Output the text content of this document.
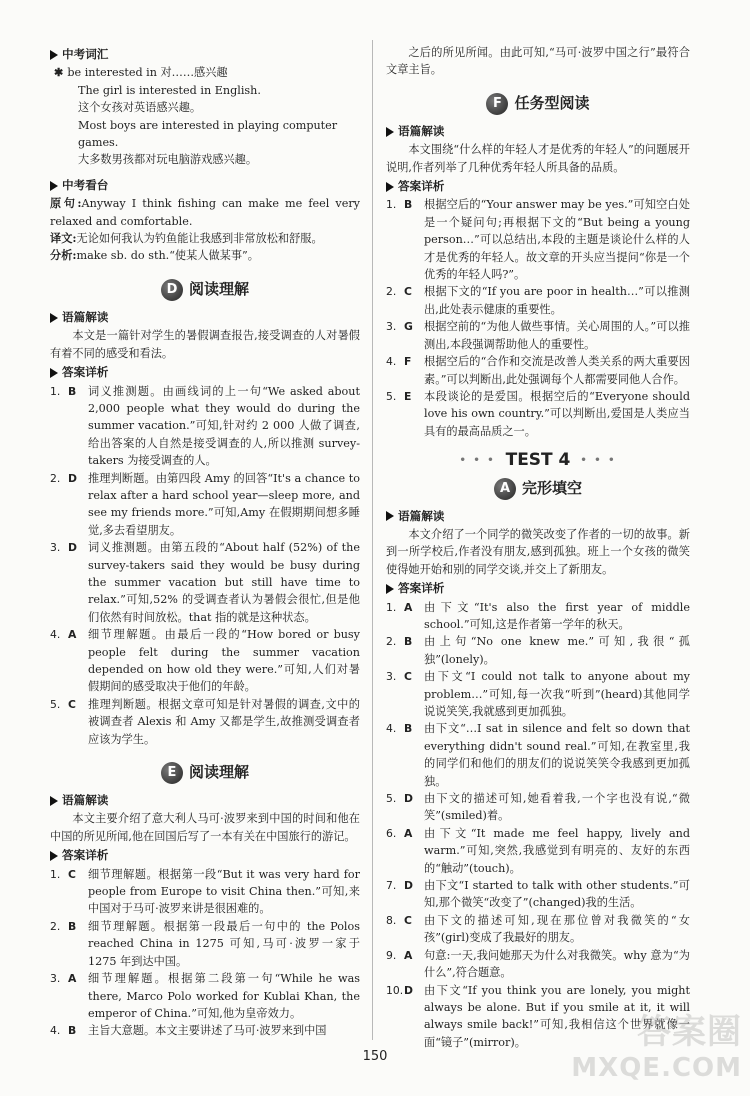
中考词汇
✱ be interested in 对……感兴趣
The girl is interested in English.
这个女孩对英语感兴趣。
Most boys are interested in playing computer games.
大多数男孩都对玩电脑游戏感兴趣。
中考看台
原句:Anyway I think fishing can make me feel very relaxed and comfortable.
译文:无论如何我认为钓鱼能让我感到非常放松和舒服。
分析:make sb. do sth.“使某人做某事”。
D 阅读理解
语篇解读
本文是一篇针对学生的暑假调查报告,接受调查的人对暑假有着不同的感受和看法。
答案详析
1. B	词义推测题。由画线词的上一句“We asked about 2,000 people what they would do during the summer vacation.”可知,针对约 2 000 人做了调查,给出答案的人自然是接受调查的人,所以推测 survey-takers 为接受调查的人。
2. D 推理判断题。由第四段 Amy 的回答“It's a chance to relax after a hard school year—sleep more, and see my friends more.”可知,Amy 在假期期间想多睡觉,多去看望朋友。
3. D 词义推测题。由第五段的“About half (52%) of the survey-takers said they would be busy during the summer vacation but still have time to relax.”可知,52% 的受调查者认为暑假会很忙,但是他们依然有时间放松。that 指的就是这种状态。
4. A	细节理解题。由最后一段的“How bored or busy people felt during the summer vacation depended on how old they were.”可知,人们对暑假期间的感受取决于他们的年龄。
5. C	推理判断题。根据文章可知是针对暑假的调查,文中的被调查者 Alexis 和 Amy 又都是学生,故推测受调查者应该为学生。
E 阅读理解
语篇解读
本文主要介绍了意大利人马可·波罗来到中国的时间和他在中国的所见所闻,他在回国后写了一本有关在中国旅行的游记。
答案详析
1. C	细节理解题。根据第一段“But it was very hard for people from Europe to visit China then.”可知,来中国对于马可·波罗来讲是很困难的。
2. B	细节理解题。根据第一段最后一句中的 the Polos reached China in 1275 可知,马可·波罗一家于 1275 年到达中国。
3. A	细节理解题。根据第二段第一句“While he was there, Marco Polo worked for Kublai Khan, the emperor of China.”可知,他为皇帝效力。
4. B	主旨大意题。本文主要讲述了马可·波罗来到中国
之后的所见所闻。由此可知,“马可·波罗中国之行”最符合文章主旨。
F 任务型阅读
语篇解读
本文围绕“什么样的年轻人才是优秀的年轻人”的问题展开说明,作者列举了几种优秀年轻人所具备的品质。
答案详析
1. B	根据空后的“Your answer may be yes.”可知空白处是一个疑问句;再根据下文的“But being a young person…”可以总结出,本段的主题是谈论什么样的人才是优秀的年轻人。故文章的开头应当提问“你是一个优秀的年轻人吗?”。
2. C	根据下文的“If you are poor in health…”可以推测出,此处表示健康的重要性。
3. G 根据空前的“为他人做些事情。关心周围的人。”可以推测出,本段强调帮助他人的重要性。
4. F	根据空后的“合作和交流是改善人类关系的两大重要因素。”可以判断出,此处强调每个人都需要同他人合作。
5. E	本段谈论的是爱国。根据空后的“Everyone should love his own country.”可以判断出,爱国是人类应当具有的最高品质之一。
• • • TEST 4 • • •
A 完形填空
语篇解读
本文介绍了一个同学的微笑改变了作者的一切的故事。新到一所学校后,作者没有朋友,感到孤独。班上一个女孩的微笑使得她开始和别的同学交谈,并交上了新朋友。
答案详析
1. A	由下文“It's also the first year of middle school.”可知,这是作者第一学年的秋天。
2. B	由上句“No one knew me.”可知,我很“孤独”(lonely)。
3. C	由下文“I could not talk to anyone about my problem…”可知,每一次我“听到”(heard)其他同学说说笑笑,我就感到更加孤独。
4. B	由下文“…I sat in silence and felt so down that everything didn't sound real.”可知,在教室里,我的同学们和他们的朋友们的说说笑笑令我感到更加孤独。
5. D 由下文的描述可知,她看着我,一个字也没有说,“微笑”(smiled)着。
6. A	由下文“It made me feel happy, lively and warm.”可知,突然,我感觉到有明亮的、友好的东西的“触动”(touch)。
7. D 由下文“I started to talk with other students.”可知,那个微笑“改变了”(changed)我的生活。
8. C	由下文的描述可知,现在那位曾对我微笑的“女孩”(girl)变成了我最好的朋友。
9. A	句意:一天,我问她那天为什么对我微笑。why 意为“为什么”,符合题意。
10. D 由下文“If you think you are lonely, you might always be alone. But if you smile at it, it will always smile back!”可知,我相信这个世界就像一面“镜子”(mirror)。
150
答案圈
MXQE.COM
